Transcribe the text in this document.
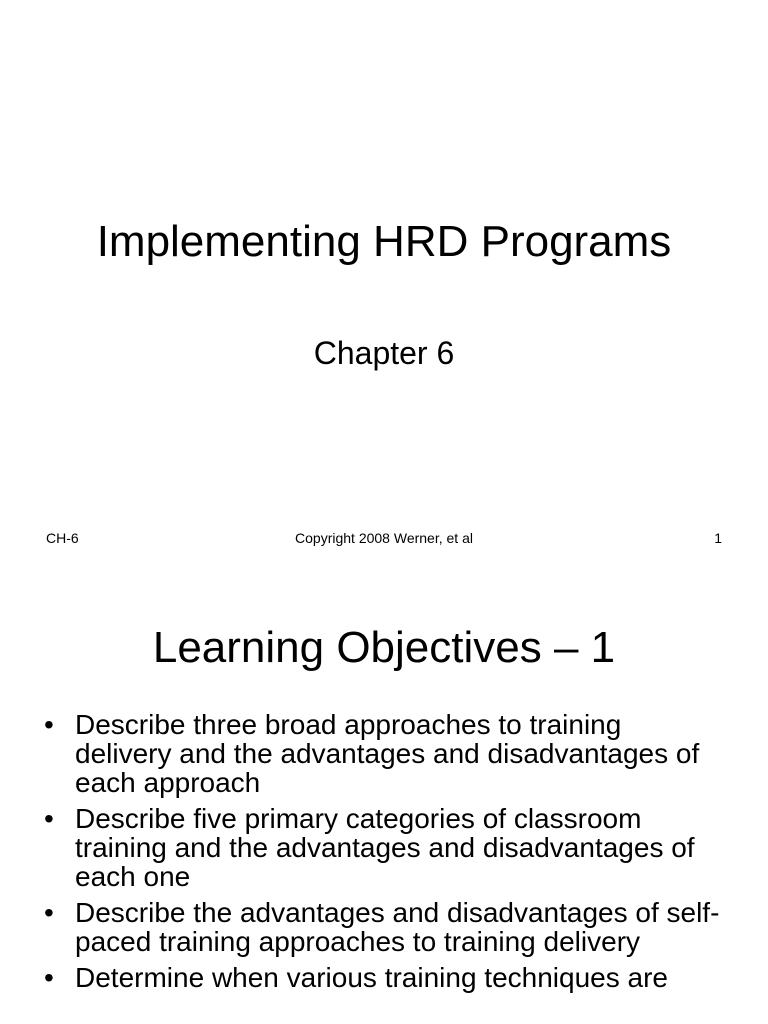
Implementing HRD Programs
Chapter 6
CH-6	Copyright 2008 Werner, et al	1
Learning Objectives – 1
• Describe three broad approaches to training delivery and the advantages and disadvantages of each approach
• Describe five primary categories of classroom training and the advantages and disadvantages of each one
• Describe the advantages and disadvantages of self-paced training approaches to training delivery
• Determine when various training techniques are
